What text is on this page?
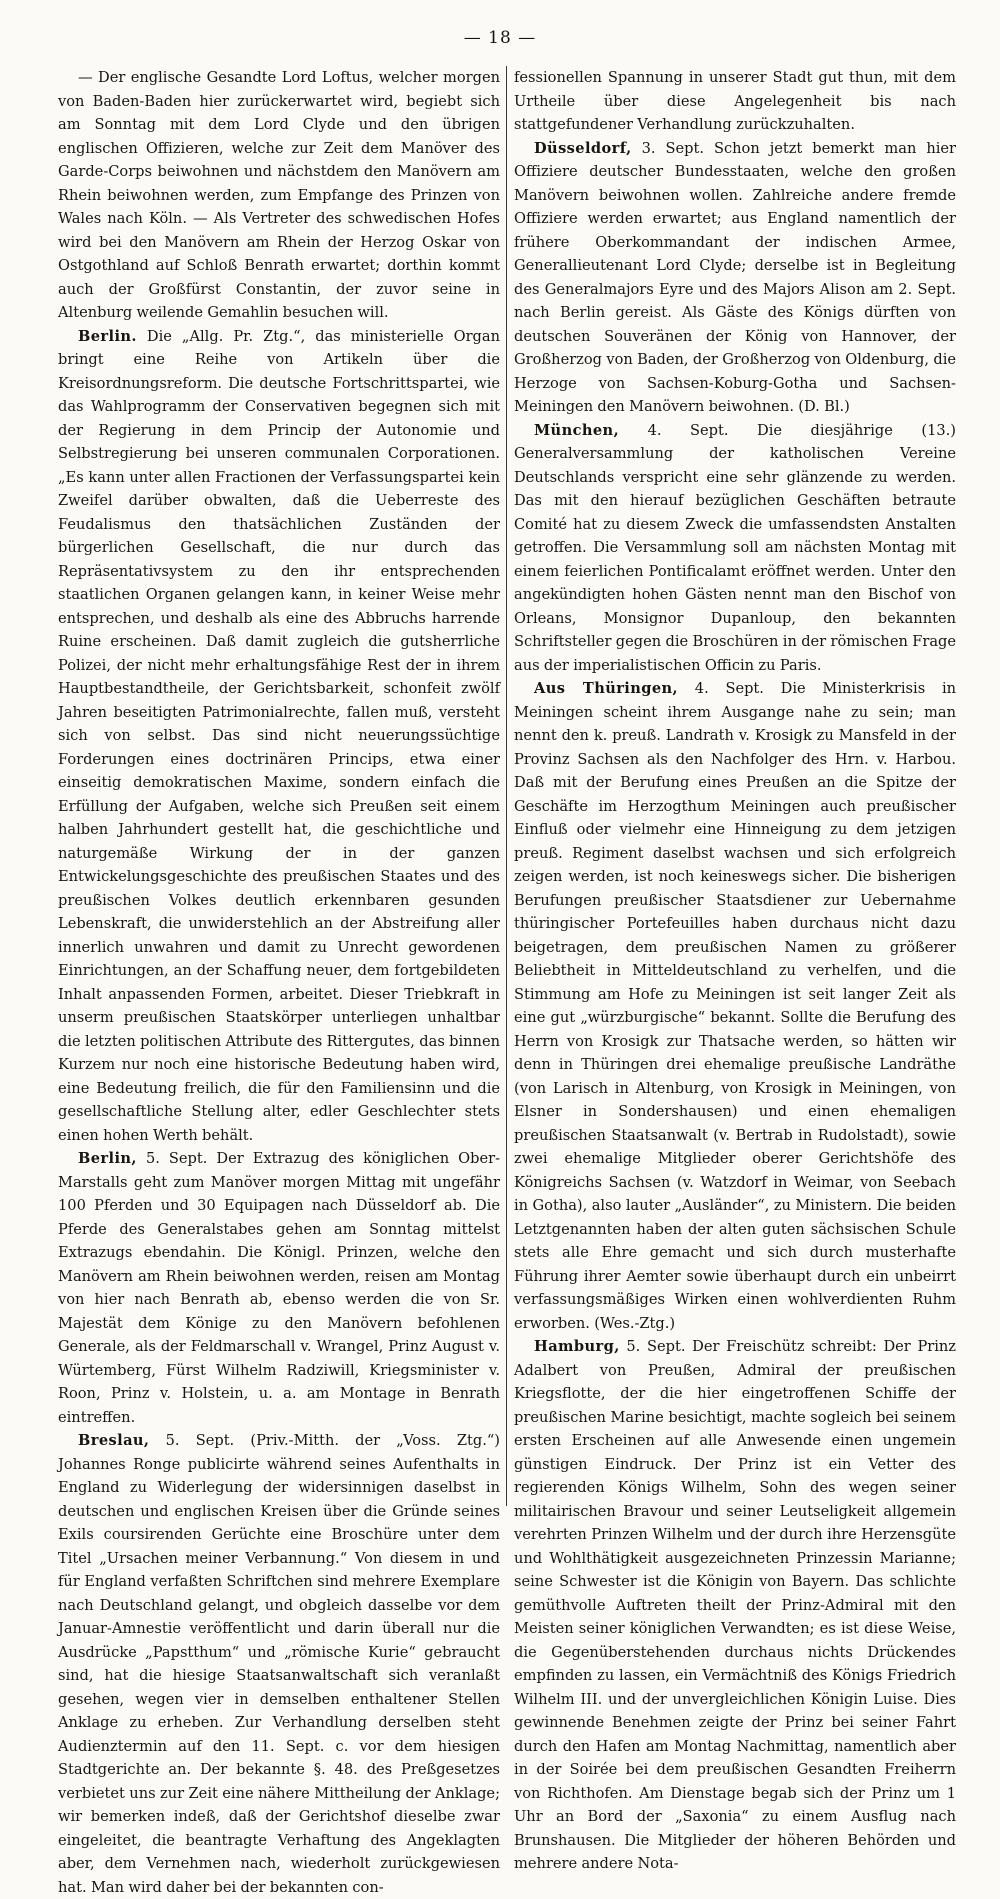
— 18 —

— Der englische Gesandte Lord Loftus, welcher morgen von Baden-Baden hier zurückerwartet wird, begiebt sich am Sonntag mit dem Lord Clyde und den übrigen englischen Offizieren, welche zur Zeit dem Manöver des Garde-Corps beiwohnen und nächstdem den Manövern am Rhein beiwohnen werden, zum Empfange des Prinzen von Wales nach Köln. — Als Vertreter des schwedischen Hofes wird bei den Manövern am Rhein der Herzog Oskar von Ostgothland auf Schloß Benrath erwartet; dorthin kommt auch der Großfürst Constantin, der zuvor seine in Altenburg weilende Gemahlin besuchen will.

Berlin. Die „Allg. Pr. Ztg.“, das ministerielle Organ bringt eine Reihe von Artikeln über die Kreisordnungsreform. Die deutsche Fortschrittspartei, wie das Wahlprogramm der Conservativen begegnen sich mit der Regierung in dem Princip der Autonomie und Selbstregierung bei unseren communalen Corporationen. „Es kann unter allen Fractionen der Verfassungspartei kein Zweifel darüber obwalten, daß die Ueberreste des Feudalismus den thatsächlichen Zuständen der bürgerlichen Gesellschaft, die nur durch das Repräsentativsystem zu den ihr entsprechenden staatlichen Organen gelangen kann, in keiner Weise mehr entsprechen, und deshalb als eine des Abbruchs harrende Ruine erscheinen. Daß damit zugleich die gutsherrliche Polizei, der nicht mehr erhaltungsfähige Rest der in ihrem Hauptbestandtheile, der Gerichtsbarkeit, schonfeit zwölf Jahren beseitigten Patrimonialrechte, fallen muß, versteht sich von selbst. Das sind nicht neuerungssüchtige Forderungen eines doctrinären Princips, etwa einer einseitig demokratischen Maxime, sondern einfach die Erfüllung der Aufgaben, welche sich Preußen seit einem halben Jahrhundert gestellt hat, die geschichtliche und naturgemäße Wirkung der in der ganzen Entwickelungsgeschichte des preußischen Staates und des preußischen Volkes deutlich erkennbaren gesunden Lebenskraft, die unwiderstehlich an der Abstreifung aller innerlich unwahren und damit zu Unrecht gewordenen Einrichtungen, an der Schaffung neuer, dem fortgebildeten Inhalt anpassenden Formen, arbeitet. Dieser Triebkraft in unserm preußischen Staatskörper unterliegen unhaltbar die letzten politischen Attribute des Rittergutes, das binnen Kurzem nur noch eine historische Bedeutung haben wird, eine Bedeutung freilich, die für den Familiensinn und die gesellschaftliche Stellung alter, edler Geschlechter stets einen hohen Werth behält.

Berlin, 5. Sept. Der Extrazug des königlichen Ober-Marstalls geht zum Manöver morgen Mittag mit ungefähr 100 Pferden und 30 Equipagen nach Düsseldorf ab. Die Pferde des Generalstabes gehen am Sonntag mittelst Extrazugs ebendahin. Die Königl. Prinzen, welche den Manövern am Rhein beiwohnen werden, reisen am Montag von hier nach Benrath ab, ebenso werden die von Sr. Majestät dem Könige zu den Manövern befohlenen Generale, als der Feldmarschall v. Wrangel, Prinz August v. Würtemberg, Fürst Wilhelm Radziwill, Kriegsminister v. Roon, Prinz v. Holstein, u. a. am Montage in Benrath eintreffen.

Breslau, 5. Sept. (Priv.-Mitth. der „Voss. Ztg.“) Johannes Ronge publicirte während seines Aufenthalts in England zu Widerlegung der widersinnigen daselbst in deutschen und englischen Kreisen über die Gründe seines Exils coursirenden Gerüchte eine Broschüre unter dem Titel „Ursachen meiner Verbannung.“ Von diesem in und für England verfaßten Schriftchen sind mehrere Exemplare nach Deutschland gelangt, und obgleich dasselbe vor dem Januar-Amnestie veröffentlicht und darin überall nur die Ausdrücke „Papstthum“ und „römische Kurie“ gebraucht sind, hat die hiesige Staatsanwaltschaft sich veranlaßt gesehen, wegen vier in demselben enthaltener Stellen Anklage zu erheben. Zur Verhandlung derselben steht Audienztermin auf den 11. Sept. c. vor dem hiesigen Stadtgerichte an. Der bekannte §. 48. des Preßgesetzes verbietet uns zur Zeit eine nähere Mittheilung der Anklage; wir bemerken indeß, daß der Gerichtshof dieselbe zwar eingeleitet, die beantragte Verhaftung des Angeklagten aber, dem Vernehmen nach, wiederholt zurückgewiesen hat. Man wird daher bei der bekannten con-

fessionellen Spannung in unserer Stadt gut thun, mit dem Urtheile über diese Angelegenheit bis nach stattgefundener Verhandlung zurückzuhalten.

Düsseldorf, 3. Sept. Schon jetzt bemerkt man hier Offiziere deutscher Bundesstaaten, welche den großen Manövern beiwohnen wollen. Zahlreiche andere fremde Offiziere werden erwartet; aus England namentlich der frühere Oberkommandant der indischen Armee, Generallieutenant Lord Clyde; derselbe ist in Begleitung des Generalmajors Eyre und des Majors Alison am 2. Sept. nach Berlin gereist. Als Gäste des Königs dürften von deutschen Souveränen der König von Hannover, der Großherzog von Baden, der Großherzog von Oldenburg, die Herzoge von Sachsen-Koburg-Gotha und Sachsen-Meiningen den Manövern beiwohnen. (D. Bl.)

München, 4. Sept. Die diesjährige (13.) Generalversammlung der katholischen Vereine Deutschlands verspricht eine sehr glänzende zu werden. Das mit den hierauf bezüglichen Geschäften betraute Comité hat zu diesem Zweck die umfassendsten Anstalten getroffen. Die Versammlung soll am nächsten Montag mit einem feierlichen Pontificalamt eröffnet werden. Unter den angekündigten hohen Gästen nennt man den Bischof von Orleans, Monsignor Dupanloup, den bekannten Schriftsteller gegen die Broschüren in der römischen Frage aus der imperialistischen Officin zu Paris.

Aus Thüringen, 4. Sept. Die Ministerkrisis in Meiningen scheint ihrem Ausgange nahe zu sein; man nennt den k. preuß. Landrath v. Krosigk zu Mansfeld in der Provinz Sachsen als den Nachfolger des Hrn. v. Harbou. Daß mit der Berufung eines Preußen an die Spitze der Geschäfte im Herzogthum Meiningen auch preußischer Einfluß oder vielmehr eine Hinneigung zu dem jetzigen preuß. Regiment daselbst wachsen und sich erfolgreich zeigen werden, ist noch keineswegs sicher. Die bisherigen Berufungen preußischer Staatsdiener zur Uebernahme thüringischer Portefeuilles haben durchaus nicht dazu beigetragen, dem preußischen Namen zu größerer Beliebtheit in Mitteldeutschland zu verhelfen, und die Stimmung am Hofe zu Meiningen ist seit langer Zeit als eine gut „würzburgische“ bekannt. Sollte die Berufung des Herrn von Krosigk zur Thatsache werden, so hätten wir denn in Thüringen drei ehemalige preußische Landräthe (von Larisch in Altenburg, von Krosigk in Meiningen, von Elsner in Sondershausen) und einen ehemaligen preußischen Staatsanwalt (v. Bertrab in Rudolstadt), sowie zwei ehemalige Mitglieder oberer Gerichtshöfe des Königreichs Sachsen (v. Watzdorf in Weimar, von Seebach in Gotha), also lauter „Ausländer“, zu Ministern. Die beiden Letztgenannten haben der alten guten sächsischen Schule stets alle Ehre gemacht und sich durch musterhafte Führung ihrer Aemter sowie überhaupt durch ein unbeirrt verfassungsmäßiges Wirken einen wohlverdienten Ruhm erworben. (Wes.-Ztg.)

Hamburg, 5. Sept. Der Freischütz schreibt: Der Prinz Adalbert von Preußen, Admiral der preußischen Kriegsflotte, der die hier eingetroffenen Schiffe der preußischen Marine besichtigt, machte sogleich bei seinem ersten Erscheinen auf alle Anwesende einen ungemein günstigen Eindruck. Der Prinz ist ein Vetter des regierenden Königs Wilhelm, Sohn des wegen seiner militairischen Bravour und seiner Leutseligkeit allgemein verehrten Prinzen Wilhelm und der durch ihre Herzensgüte und Wohlthätigkeit ausgezeichneten Prinzessin Marianne; seine Schwester ist die Königin von Bayern. Das schlichte gemüthvolle Auftreten theilt der Prinz-Admiral mit den Meisten seiner königlichen Verwandten; es ist diese Weise, die Gegenüberstehenden durchaus nichts Drückendes empfinden zu lassen, ein Vermächtniß des Königs Friedrich Wilhelm III. und der unvergleichlichen Königin Luise. Dies gewinnende Benehmen zeigte der Prinz bei seiner Fahrt durch den Hafen am Montag Nachmittag, namentlich aber in der Soirée bei dem preußischen Gesandten Freiherrn von Richthofen. Am Dienstage begab sich der Prinz um 1 Uhr an Bord der „Saxonia“ zu einem Ausflug nach Brunshausen. Die Mitglieder der höheren Behörden und mehrere andere Nota-
